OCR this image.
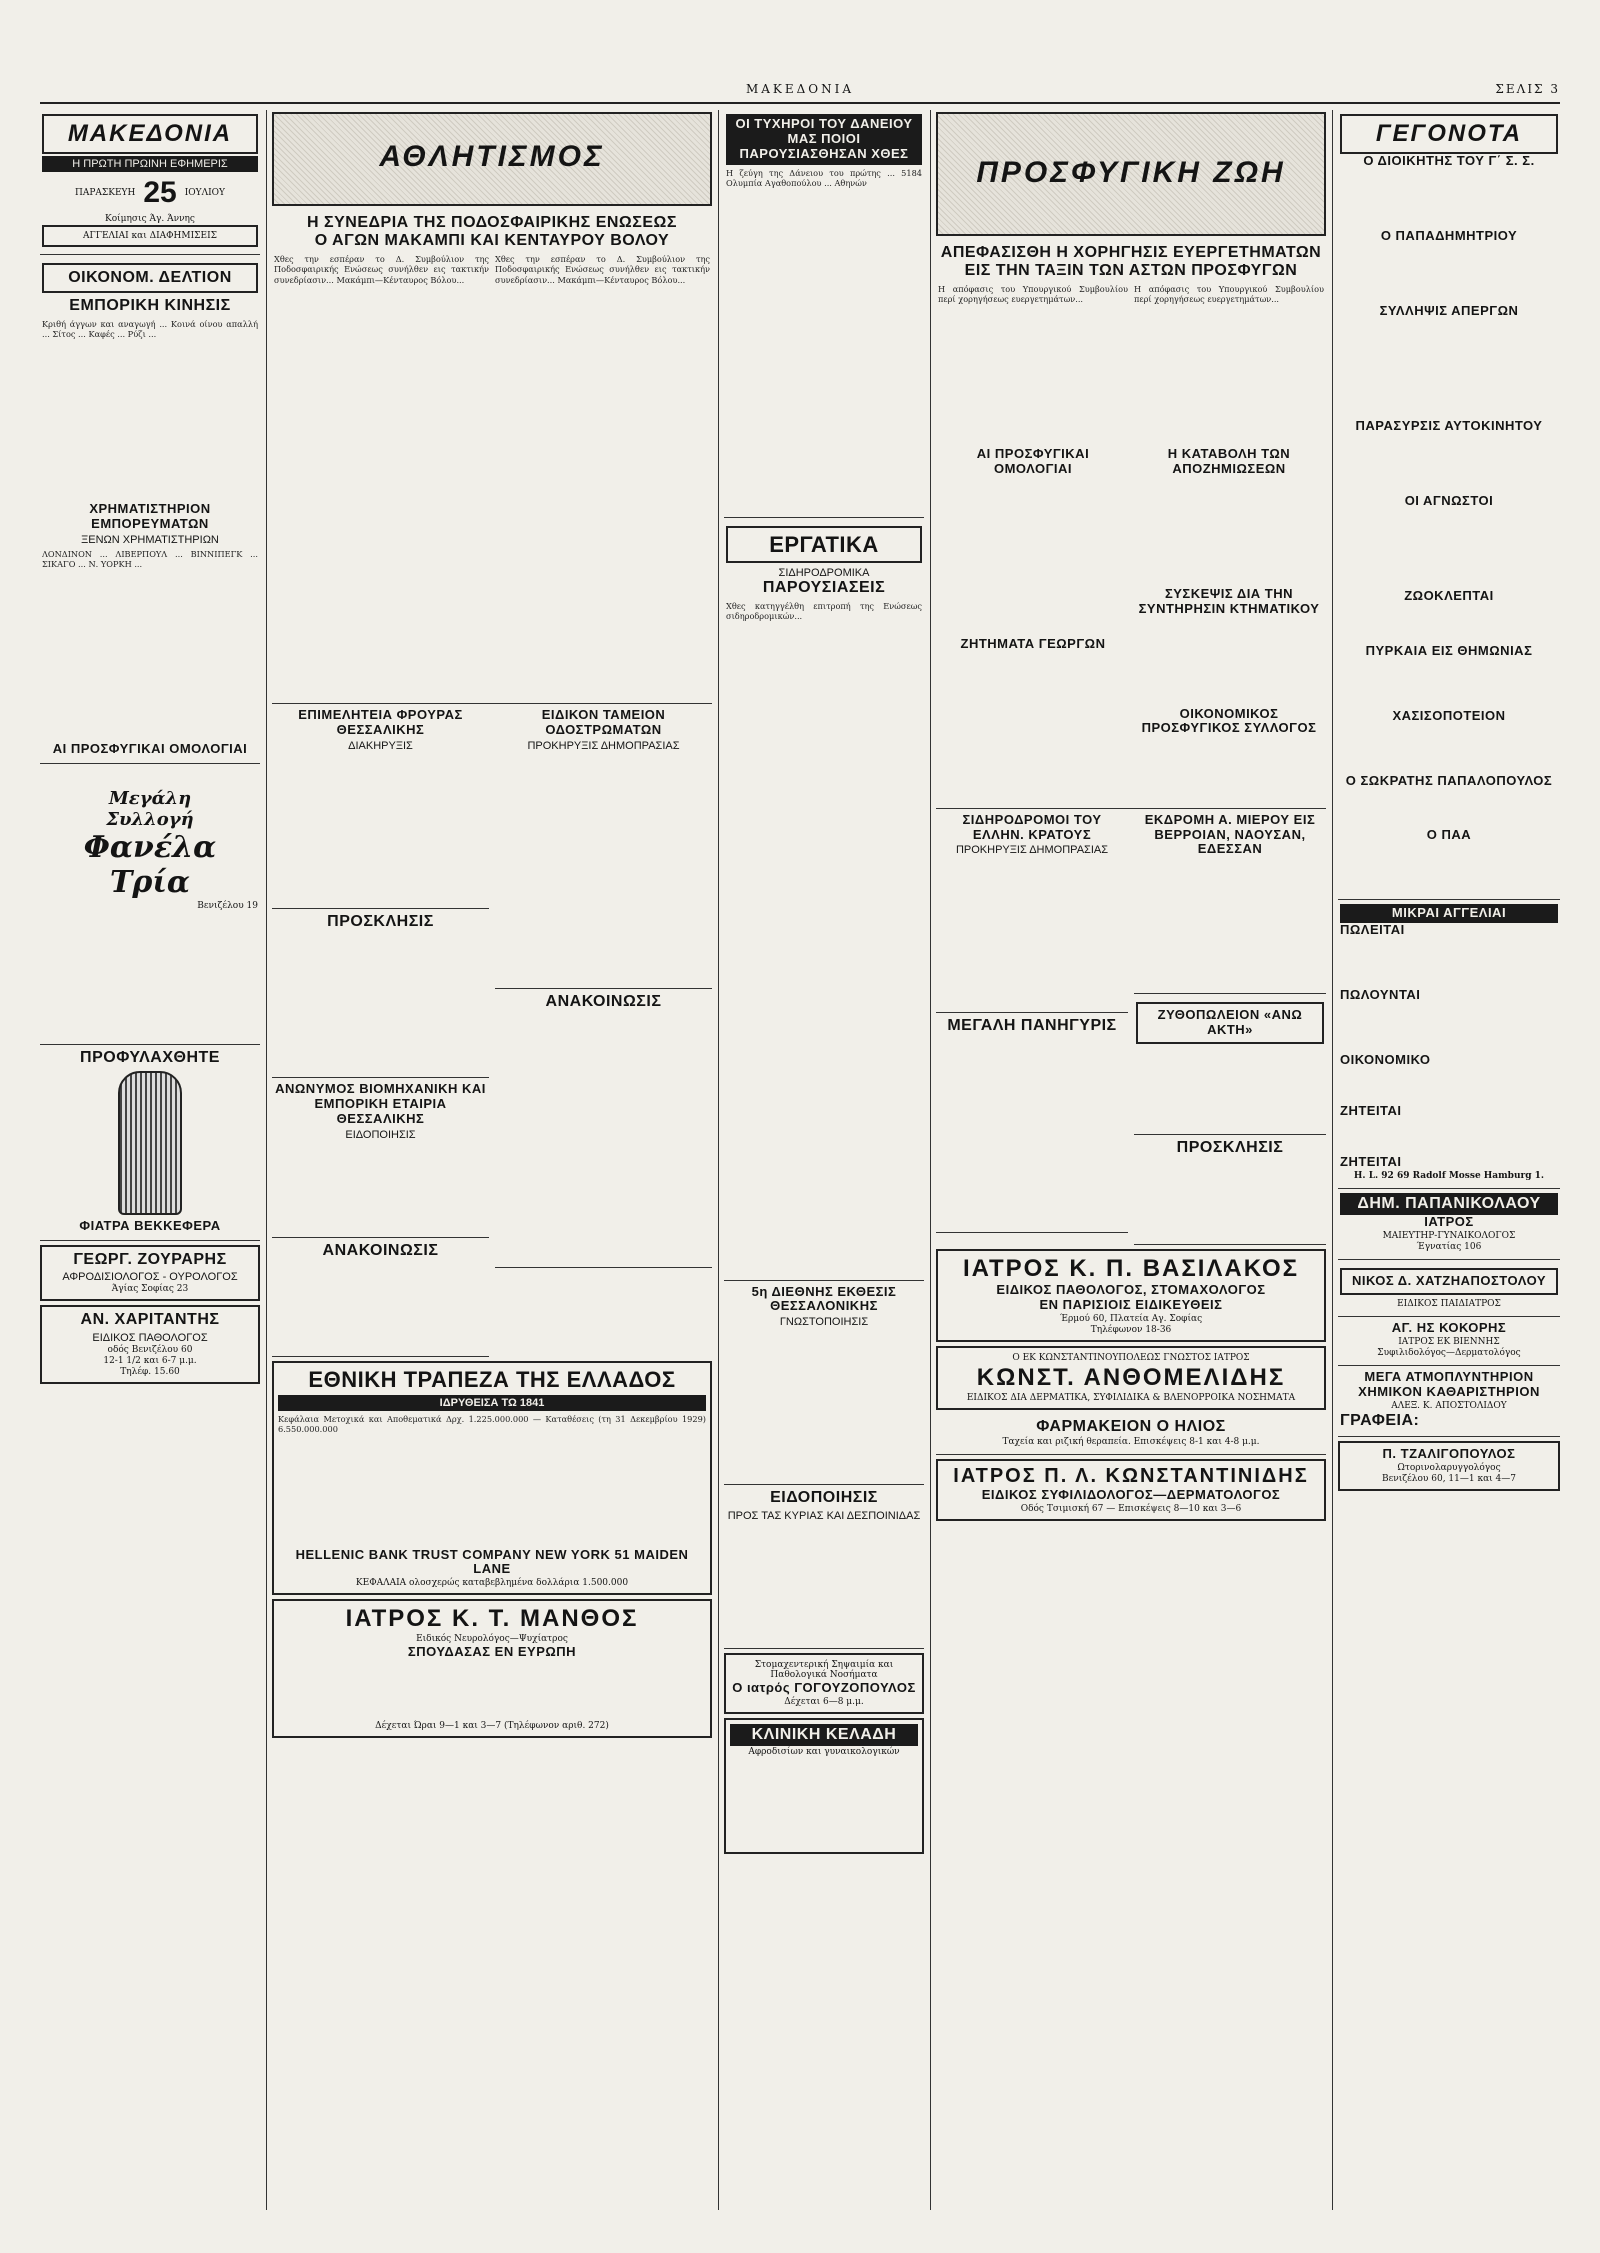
ΜΑΚΕΔΟΝΙΑ	ΣΕΛΙΣ 3
ΜΑΚΕΔΟΝΙΑ
Η ΠΡΩΤΗ ΠΡΩΙΝΗ ΕΦΗΜΕΡΙΣ
ΠΑΡΑΣΚΕΥΗ 25 ΙΟΥΛΙΟΥ
Κοίμησις Άγ. Άννης
ΑΓΓΕΛΙΑΙ και ΔΙΑΦΗΜΙΣΕΙΣ
ΟΙΚΟΝΟΜ. ΔΕΛΤΙΟΝ
ΕΜΠΟΡΙΚΗ ΚΙΝΗΣΙΣ
Κριθή άγγων και αναγωγή ... Κοινά οίνου απαλλή ... Σίτος ... Καφές ... Ρύζι ...
ΧΡΗΜΑΤΙΣΤΗΡΙΟΝ ΕΜΠΟΡΕΥΜΑΤΩΝ
ΞΕΝΩΝ ΧΡΗΜΑΤΙΣΤΗΡΙΩΝ
ΛΟΝΔΙΝΟΝ ... ΛΙΒΕΡΠΟΥΛ ... ΒΙΝΝΙΠΕΓΚ ... ΣΙΚΑΓΟ ... Ν. ΥΟΡΚΗ ...
ΑΙ ΠΡΟΣΦΥΓΙΚΑΙ ΟΜΟΛΟΓΙΑΙ
Μεγάλη
Συλλογή
Φανέλα
Τρία
Βενιζέλου 19
ΠΡΟΦΥΛΑΧΘΗΤΕ
ΦΙΑΤΡΑ ΒΕΚΚΕΦΕΡΑ
ΓΕΩΡΓ. ΖΟΥΡΑΡΗΣ
ΑΦΡΟΔΙΣΙΟΛΟΓΟΣ - ΟΥΡΟΛΟΓΟΣ
Άγίας Σοφίας 23
ΑΝ. ΧΑΡΙΤΑΝΤΗΣ
ΕΙΔΙΚΟΣ ΠΑΘΟΛΟΓΟΣ
οδός Βενιζέλου 60
12-1 1/2 και 6-7 μ.μ.
Τηλέφ. 15.60
ΑΘΛΗΤΙΣΜΟΣ
Η ΣΥΝΕΔΡΙΑ ΤΗΣ ΠΟΔΟΣΦΑΙΡΙΚΗΣ ΕΝΩΣΕΩΣ
Ο ΑΓΩΝ ΜΑΚΑΜΠΙ ΚΑΙ ΚΕΝΤΑΥΡΟΥ ΒΟΛΟΥ
Χθες την εσπέραν το Δ. Συμβούλιον της Ποδοσφαιρικής Ενώσεως συνήλθεν εις τακτικήν συνεδρίασιν... Μακάμπι—Κένταυρος Βόλου...
Χθες την εσπέραν το Δ. Συμβούλιον της Ποδοσφαιρικής Ενώσεως συνήλθεν εις τακτικήν συνεδρίασιν... Μακάμπι—Κένταυρος Βόλου...
ΕΠΙΜΕΛΗΤΕΙΑ ΦΡΟΥΡΑΣ ΘΕΣΣΑΛΙΚΗΣ
ΔΙΑΚΗΡΥΞΙΣ
ΠΡΟΣΚΛΗΣΙΣ
ΑΝΩΝΥΜΟΣ ΒΙΟΜΗΧΑΝΙΚΗ ΚΑΙ ΕΜΠΟΡΙΚΗ ΕΤΑΙΡΙΑ ΘΕΣΣΑΛΙΚΗΣ
ΕΙΔΟΠΟΙΗΣΙΣ
ΑΝΑΚΟΙΝΩΣΙΣ
ΕΙΔΙΚΟΝ ΤΑΜΕΙΟΝ ΟΔΟΣΤΡΩΜΑΤΩΝ
ΠΡΟΚΗΡΥΞΙΣ ΔΗΜΟΠΡΑΣΙΑΣ
ΑΝΑΚΟΙΝΩΣΙΣ
ΕΘΝΙΚΗ ΤΡΑΠΕΖΑ ΤΗΣ ΕΛΛΑΔΟΣ
ΙΔΡΥΘΕΙΣΑ ΤΩ 1841
Κεφάλαια Μετοχικά και Αποθεματικά Δρχ. 1.225.000.000 — Καταθέσεις (τη 31 Δεκεμβρίου 1929) 6.550.000.000
HELLENIC BANK TRUST COMPANY NEW YORK 51 MAIDEN LANE
ΚΕΦΑΛΑΙΑ ολοσχερώς καταβεβλημένα δολλάρια 1.500.000
ΙΑΤΡΟΣ Κ. Τ. ΜΑΝΘΟΣ
Ειδικός Νευρολόγος—Ψυχίατρος
ΣΠΟΥΔΑΣΑΣ ΕΝ ΕΥΡΩΠΗ
Δέχεται Ώραι 9—1 και 3—7 (Τηλέφωνον αριθ. 272)
ΟΙ ΤΥΧΗΡΟΙ ΤΟΥ ΔΑΝΕΙΟΥ ΜΑΣ ΠΟΙΟΙ ΠΑΡΟΥΣΙΑΣΘΗΣΑΝ ΧΘΕΣ
Η ζεύγη της Δάνειου του πρώτης ... 5184 Ολυμπία Αγαθοπούλου ... Αθηνών
ΕΡΓΑΤΙΚΑ
ΣΙΔΗΡΟΔΡΟΜΙΚΑ
ΠΑΡΟΥΣΙΑΣΕΙΣ
Χθες κατηγγέλθη επιτροπή της Ενώσεως σιδηροδρομικών...
5η ΔΙΕΘΝΗΣ ΕΚΘΕΣΙΣ ΘΕΣΣΑΛΟΝΙΚΗΣ
ΓΝΩΣΤΟΠΟΙΗΣΙΣ
ΕΙΔΟΠΟΙΗΣΙΣ
ΠΡΟΣ ΤΑΣ ΚΥΡΙΑΣ ΚΑΙ ΔΕΣΠΟΙΝΙΔΑΣ
Στομαχεντερική Σηψαιμία και Παθολογικά Νοσήματα
Ο ιατρός ΓΟΓΟΥΖΟΠΟΥΛΟΣ
Δέχεται 6—8 μ.μ.
ΚΛΙΝΙΚΗ ΚΕΛΑΔΗ
Αφροδισίων και γυναικολογικών
ΠΡΟΣΦΥΓΙΚΗ ΖΩΗ
ΑΠΕΦΑΣΙΣΘΗ Η ΧΟΡΗΓΗΣΙΣ ΕΥΕΡΓΕΤΗΜΑΤΩΝ ΕΙΣ ΤΗΝ ΤΑΞΙΝ ΤΩΝ ΑΣΤΩΝ ΠΡΟΣΦΥΓΩΝ
Η απόφασις του Υπουργικού Συμβουλίου περί χορηγήσεως ευεργετημάτων...
ΑΙ ΠΡΟΣΦΥΓΙΚΑΙ ΟΜΟΛΟΓΙΑΙ
ΖΗΤΗΜΑΤΑ ΓΕΩΡΓΩΝ
Η απόφασις του Υπουργικού Συμβουλίου περί χορηγήσεως ευεργετημάτων...
Η ΚΑΤΑΒΟΛΗ ΤΩΝ ΑΠΟΖΗΜΙΩΣΕΩΝ
ΣΥΣΚΕΨΙΣ ΔΙΑ ΤΗΝ ΣΥΝΤΗΡΗΣΙΝ ΚΤΗΜΑΤΙΚΟΥ
ΟΙΚΟΝΟΜΙΚΟΣ ΠΡΟΣΦΥΓΙΚΟΣ ΣΥΛΛΟΓΟΣ
ΣΙΔΗΡΟΔΡΟΜΟΙ ΤΟΥ ΕΛΛΗΝ. ΚΡΑΤΟΥΣ
ΠΡΟΚΗΡΥΞΙΣ ΔΗΜΟΠΡΑΣΙΑΣ
ΜΕΓΑΛΗ ΠΑΝΗΓΥΡΙΣ
ΕΚΔΡΟΜΗ Α. ΜΙΕΡΟΥ ΕΙΣ ΒΕΡΡΟΙΑΝ, ΝΑΟΥΣΑΝ, ΕΔΕΣΣΑΝ
ΖΥΘΟΠΩΛΕΙΟΝ «ΑΝΩ ΑΚΤΗ»
ΠΡΟΣΚΛΗΣΙΣ
ΙΑΤΡΟΣ Κ. Π. ΒΑΣΙΛΑΚΟΣ
ΕΙΔΙΚΟΣ ΠΑΘΟΛΟΓΟΣ, ΣΤΟΜΑΧΟΛΟΓΟΣ
ΕΝ ΠΑΡΙΣΙΟΙΣ ΕΙΔΙΚΕΥΘΕΙΣ
Έρμού 60, Πλατεία Αγ. Σοφίας
Τηλέφωνον 18-36
Ο ΕΚ ΚΩΝΣΤΑΝΤΙΝΟΥΠΟΛΕΩΣ ΓΝΩΣΤΟΣ ΙΑΤΡΟΣ
ΚΩΝΣΤ. ΑΝΘΟΜΕΛΙΔΗΣ
ΕΙΔΙΚΟΣ ΔΙΑ ΔΕΡΜΑΤΙΚΑ, ΣΥΦΙΛΙΔΙΚΑ & ΒΛΕΝΟΡΡΟΙΚΑ ΝΟΣΗΜΑΤΑ
ΦΑΡΜΑΚΕΙΟΝ Ο ΗΛΙΟΣ
Ταχεία και ριζική θεραπεία. Επισκέψεις 8-1 και 4-8 μ.μ.
ΙΑΤΡΟΣ Π. Λ. ΚΩΝΣΤΑΝΤΙΝΙΔΗΣ
ΕΙΔΙΚΟΣ ΣΥΦΙΛΙΔΟΛΟΓΟΣ—ΔΕΡΜΑΤΟΛΟΓΟΣ
Οδός Τσιμισκή 67 — Επισκέψεις 8—10 και 3—6
ΓΕΓΟΝΟΤΑ
Ο ΔΙΟΙΚΗΤΗΣ ΤΟΥ Γ΄ Σ. Σ.
Ο ΠΑΠΑΔΗΜΗΤΡΙΟΥ
ΣΥΛΛΗΨΙΣ ΑΠΕΡΓΩΝ
ΠΑΡΑΣΥΡΣΙΣ ΑΥΤΟΚΙΝΗΤΟΥ
ΟΙ ΑΓΝΩΣΤΟΙ
ΖΩΟΚΛΕΠΤΑΙ
ΠΥΡΚΑΙΑ ΕΙΣ ΘΗΜΩΝΙΑΣ
ΧΑΣΙΣΟΠΟΤΕΙΟΝ
Ο ΣΩΚΡΑΤΗΣ ΠΑΠΑΛΟΠΟΥΛΟΣ
Ο ΠΑΑ
ΜΙΚΡΑΙ ΑΓΓΕΛΙΑΙ
ΠΩΛΕΙΤΑΙ
ΠΩΛΟΥΝΤΑΙ
ΟΙΚΟΝΟΜΙΚΟ
ΖΗΤΕΙΤΑΙ
ΖΗΤΕΙΤΑΙ
H. L. 92 69 Radolf Mosse Hamburg 1.
ΔΗΜ. ΠΑΠΑΝΙΚΟΛΑΟΥ
ΙΑΤΡΟΣ
ΜΑΙΕΥΤΗΡ-ΓΥΝΑΙΚΟΛΟΓΟΣ
Έγνατίας 106
ΝΙΚΟΣ Δ. ΧΑΤΖΗΑΠΟΣΤΟΛΟΥ
ΕΙΔΙΚΟΣ ΠΑΙΔΙΑΤΡΟΣ
ΑΓ. ΗΣ ΚΟΚΟΡΗΣ
ΙΑΤΡΟΣ ΕΚ ΒΙΕΝΝΗΣ
Συφιλιδολόγος—Δερματολόγος
ΜΕΓΑ ΑΤΜΟΠΛΥΝΤΗΡΙΟΝ ΧΗΜΙΚΟΝ ΚΑΘΑΡΙΣΤΗΡΙΟΝ
ΑΛΕΞ. Κ. ΑΠΟΣΤΟΛΙΔΟΥ
ΓΡΑΦΕΙΑ:
Π. ΤΖΑΛΙΓΟΠΟΥΛΟΣ
Ωτορινολαρυγγολόγος
Βενιζέλου 60, 11—1 και 4—7
